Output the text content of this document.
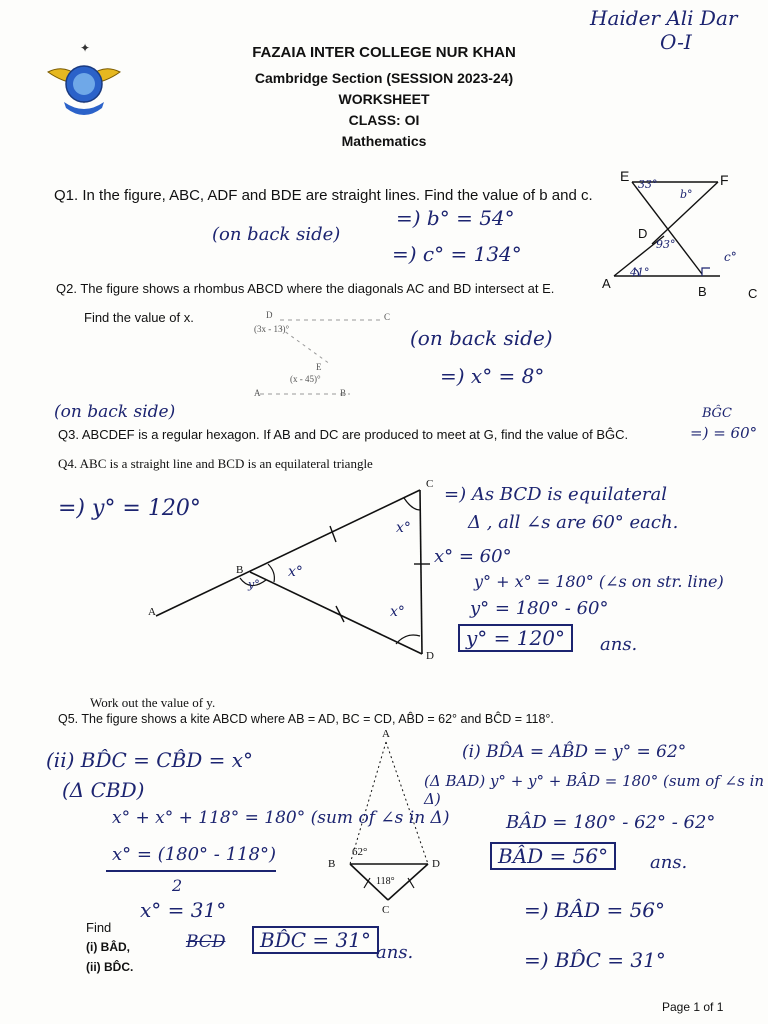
Haider Ali Dar
O-I
✦	FAZAIA INTER COLLEGE NUR KHAN
Cambridge Section (SESSION 2023-24)
WORKSHEET
CLASS: OI
Mathematics
Q1. In the figure, ABC, ADF and BDE are straight lines. Find the value of b and c.
(on back side)
=) b° = 54°
=) c° = 134°
E	F
D
A
B	C
33°
b°
93°
41°
c°
Q2. The figure shows a rhombus ABCD where the diagonals AC and BD intersect at E.
Find the value of x.	D	C
(3x - 13)°
E
(x - 45)°
A	B
(on back side)
=) x° = 8°
(on back side)
Q3. ABCDEF is a regular hexagon. If AB and DC are produced to meet at G, find the value of BĜC.
BĜC
=) = 60°
Q4. ABC is a straight line and BCD is an equilateral triangle
=) y° = 120°
A
B
C
D
x°
y°
x°
x°
=) As BCD is equilateral
Δ , all ∠s are 60° each.
x° = 60°
y° + x° = 180° (∠s on str. line)
y° = 180° - 60°
y° = 120°	ans.
Work out the value of y.
Q5. The figure shows a kite ABCD where AB = AD, BC = CD, AB̂D = 62° and BĈD = 118°.
A
B
C
D
62°
118°
(ii) BD̂C = CB̂D = x°
(Δ CBD)
x° + x° + 118° = 180° (sum of ∠s in Δ)
x° = (180° - 118°)
2
x° = 31°
(i) BD̂A = AB̂D = y° = 62°
(Δ BAD) y° + y° + BÂD = 180° (sum of ∠s in Δ)
BÂD = 180° - 62° - 62°
BÂD = 56°	ans.
Find
(i) BÂD,
(ii) BD̂C.
BCD	BD̂C = 31°
ans.
=) BÂD = 56°
=) BD̂C = 31°
Page 1 of 1
